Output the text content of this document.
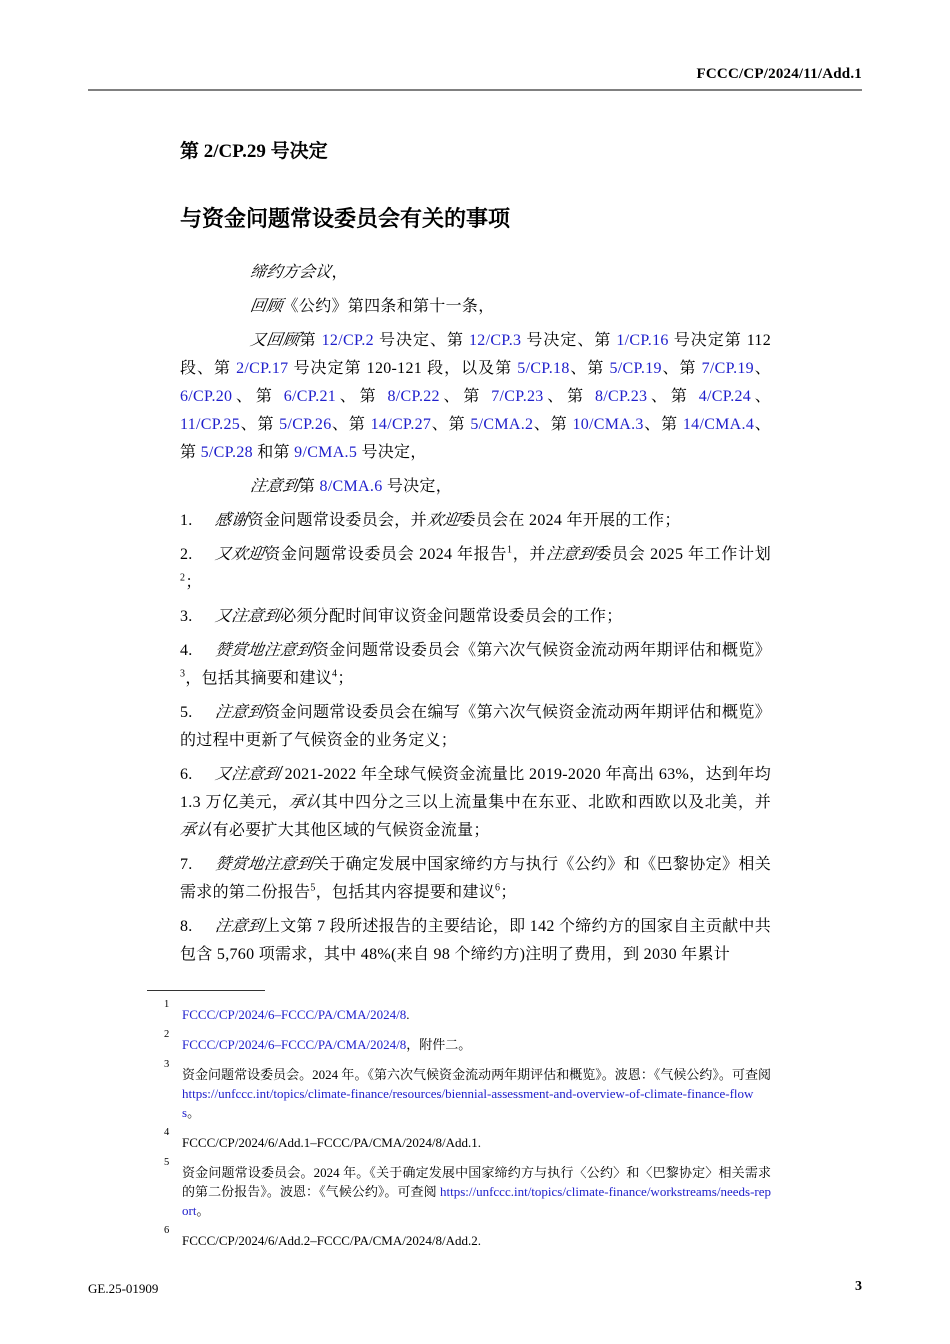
FCCC/CP/2024/11/Add.1
第 2/CP.29 号决定
与资金问题常设委员会有关的事项

缔约方会议，

回顾《公约》第四条和第十一条，

又回顾第 12/CP.2 号决定、第 12/CP.3 号决定、第 1/CP.16 号决定第 112 段、第 2/CP.17 号决定第 120-121 段，以及第 5/CP.18、第 5/CP.19、第 7/CP.19、6/CP.20、第 6/CP.21、第 8/CP.22、第 7/CP.23、第 8/CP.23、第 4/CP.24、11/CP.25、第 5/CP.26、第 14/CP.27、第 5/CMA.2、第 10/CMA.3、第 14/CMA.4、第 5/CP.28 和第 9/CMA.5 号决定，

注意到第 8/CMA.6 号决定，

1. 感谢资金问题常设委员会，并欢迎委员会在 2024 年开展的工作；

2. 又欢迎资金问题常设委员会 2024 年报告$^1$，并注意到委员会 2025 年工作计划$^2$；

3. 又注意到必须分配时间审议资金问题常设委员会的工作；

4. 赞赏地注意到资金问题常设委员会《第六次气候资金流动两年期评估和概览》$^3$，包括其摘要和建议$^4$；

5. 注意到资金问题常设委员会在编写《第六次气候资金流动两年期评估和概览》的过程中更新了气候资金的业务定义；

6. 又注意到 2021-2022 年全球气候资金流量比 2019-2020 年高出 63%，达到年均 1.3 万亿美元，承认其中四分之三以上流量集中在东亚、北欧和西欧以及北美，并承认有必要扩大其他区域的气候资金流量；

7. 赞赏地注意到关于确定发展中国家缔约方与执行《公约》和《巴黎协定》相关需求的第二份报告$^5$，包括其内容提要和建议$^6$；

8. 注意到上文第 7 段所述报告的主要结论，即 142 个缔约方的国家自主贡献中共包含 5,760 项需求，其中 48%(来自 98 个缔约方)注明了费用，到 2030 年累计

1
FCCC/CP/2024/6–FCCC/PA/CMA/2024/8.
2
FCCC/CP/2024/6–FCCC/PA/CMA/2024/8，附件二。
3
资金问题常设委员会。2024 年。《第六次气候资金流动两年期评估和概览》。波恩：《气候公约》。可查阅 https://unfccc.int/topics/climate-finance/resources/biennial-assessment-and-overview-of-climate-finance-flows。
4
FCCC/CP/2024/6/Add.1–FCCC/PA/CMA/2024/8/Add.1.
5
资金问题常设委员会。2024 年。《关于确定发展中国家缔约方与执行〈公约〉和〈巴黎协定〉相关需求的第二份报告》。波恩：《气候公约》。可查阅 https://unfccc.int/topics/climate-finance/workstreams/needs-report。
6
FCCC/CP/2024/6/Add.2–FCCC/PA/CMA/2024/8/Add.2.
GE.25-01909	3
